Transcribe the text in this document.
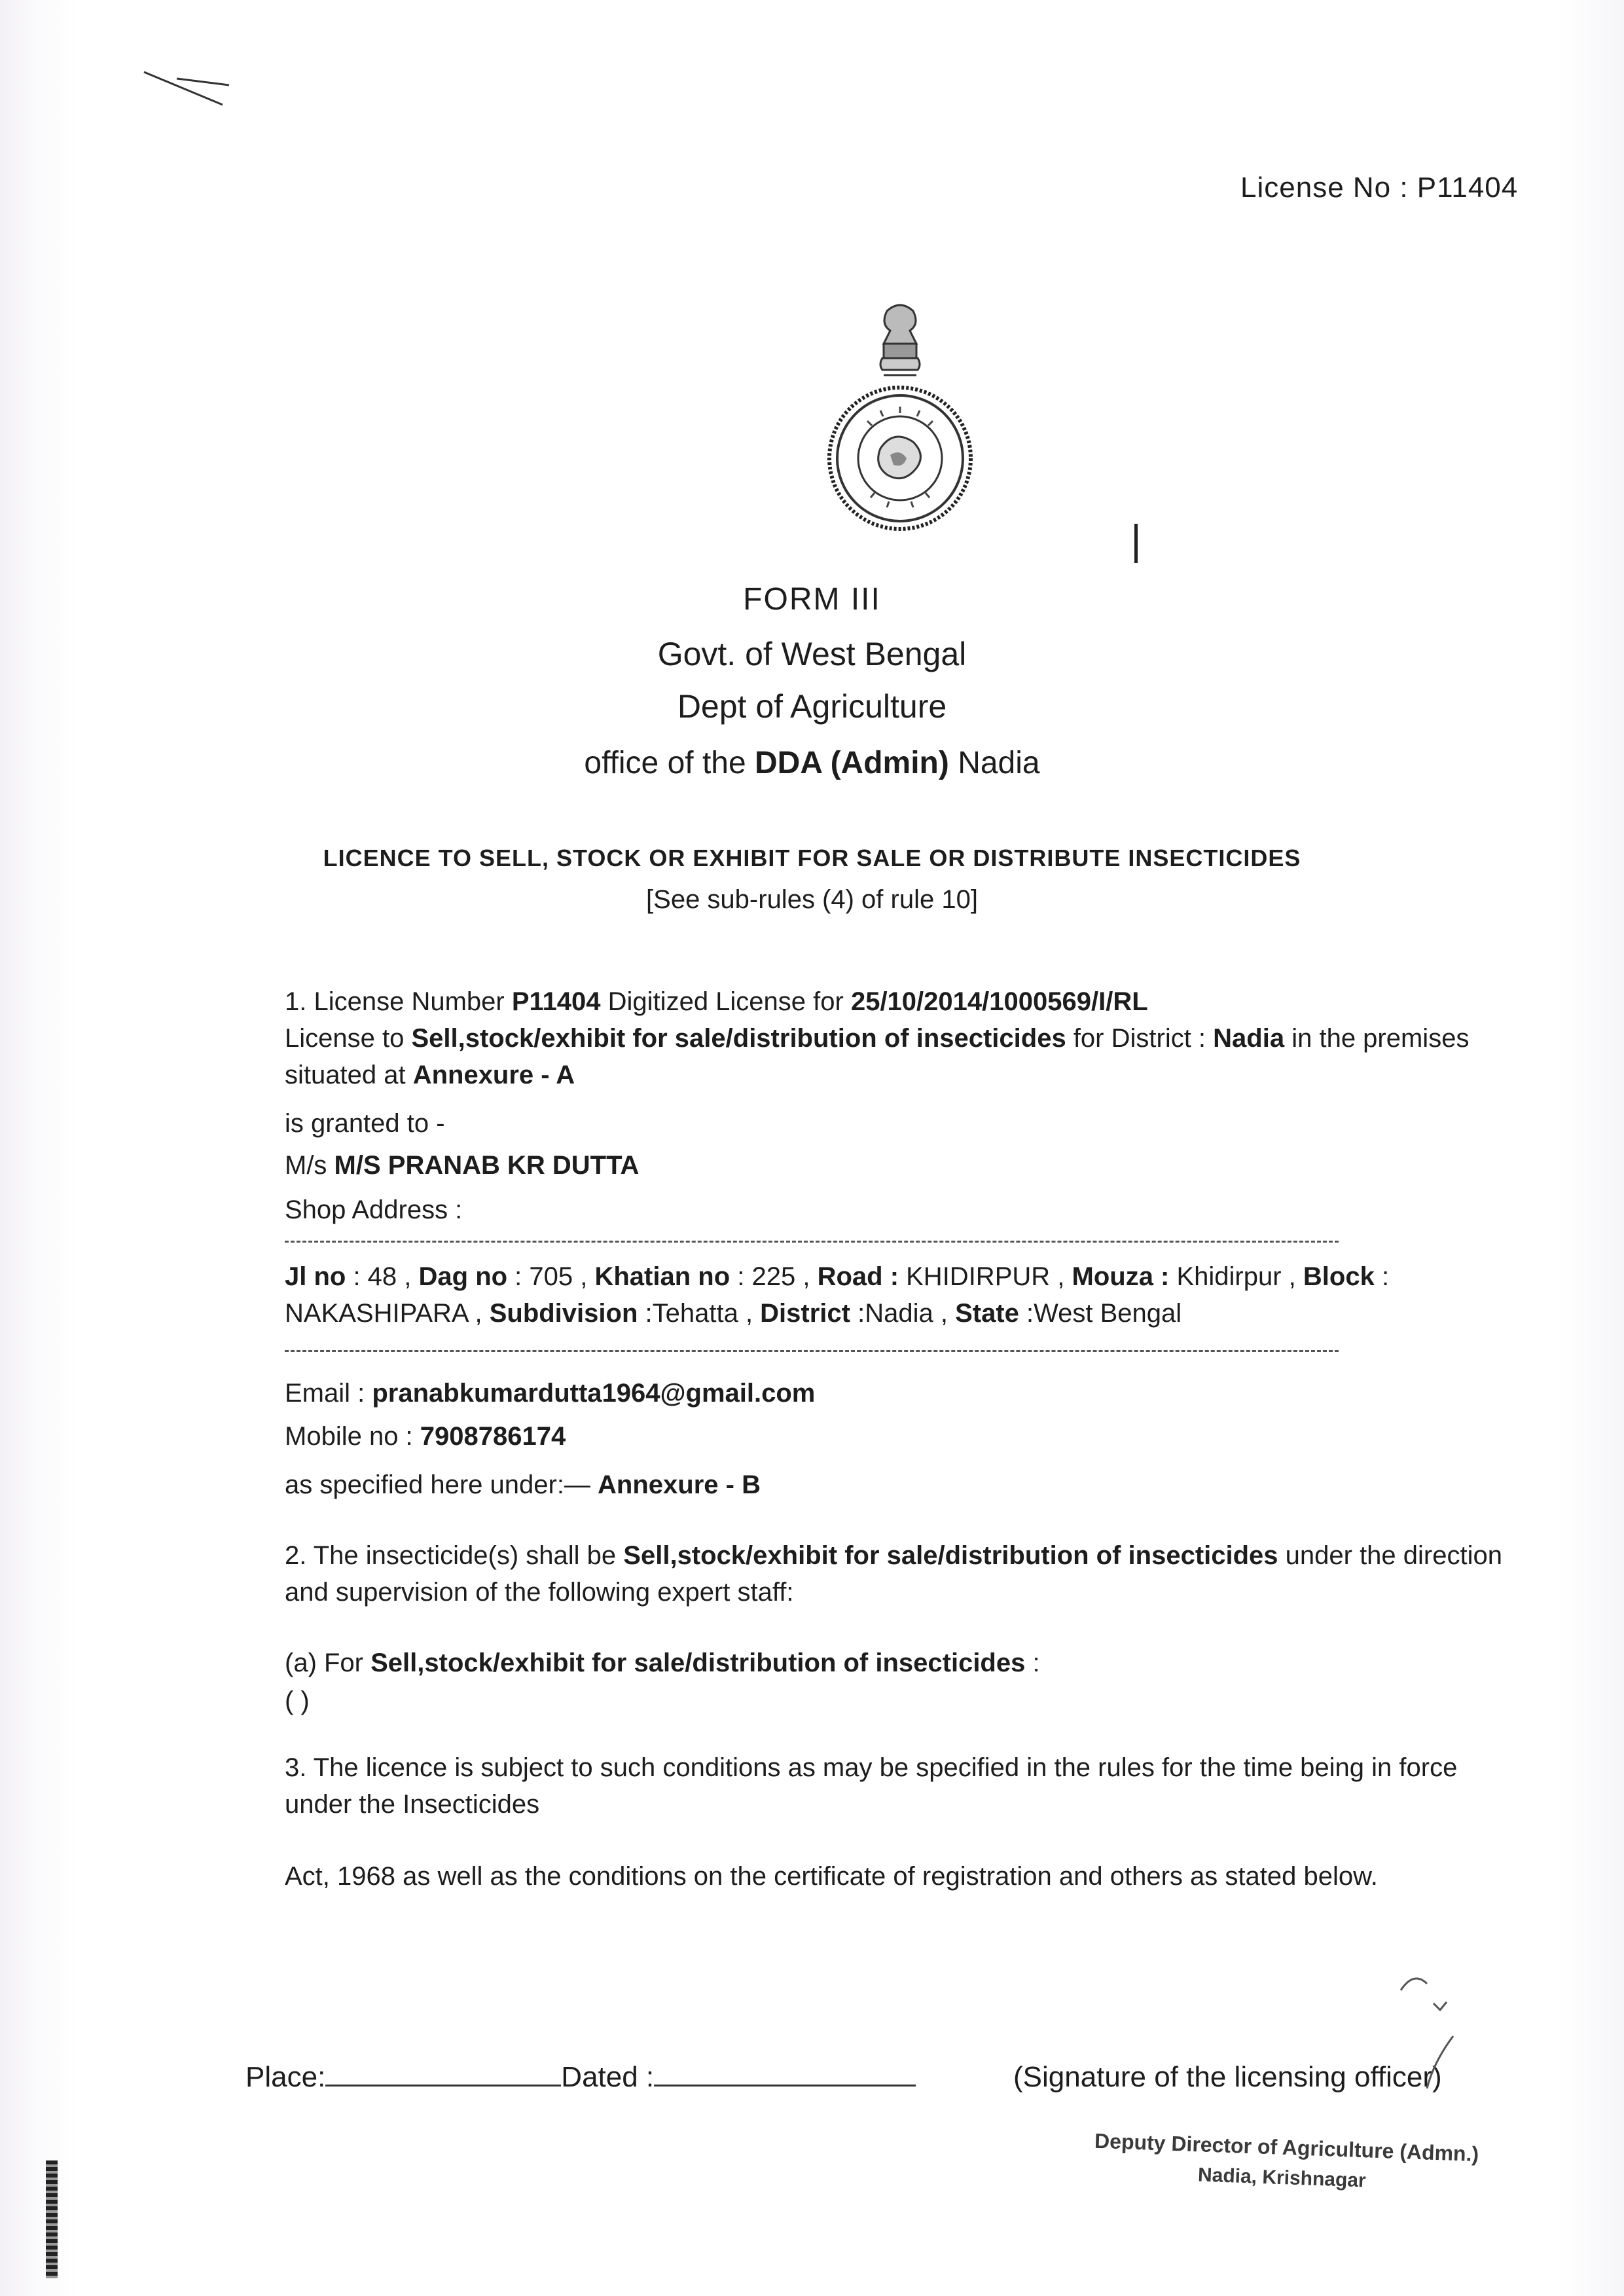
License No : P11404
FORM III
Govt. of West Bengal
Dept of Agriculture
office of the DDA (Admin) Nadia
LICENCE TO SELL, STOCK OR EXHIBIT FOR SALE OR DISTRIBUTE INSECTICIDES
[See sub-rules (4) of rule 10]
1. License Number P11404 Digitized License for 25/10/2014/1000569/I/RL
License to Sell,stock/exhibit for sale/distribution of insecticides for District : Nadia in the premises situated at Annexure - A
is granted to -
M/s M/S PRANAB KR DUTTA
Shop Address :
Jl no : 48 , Dag no : 705 , Khatian no : 225 , Road : KHIDIRPUR , Mouza : Khidirpur , Block : NAKASHIPARA , Subdivision :Tehatta , District :Nadia , State :West Bengal
Email : pranabkumardutta1964@gmail.com
Mobile no : 7908786174
as specified here under:— Annexure - B
2. The insecticide(s) shall be Sell,stock/exhibit for sale/distribution of insecticides under the direction and supervision of the following expert staff:
(a) For Sell,stock/exhibit for sale/distribution of insecticides :
( )
3. The licence is subject to such conditions as may be specified in the rules for the time being in force under the Insecticides
Act, 1968 as well as the conditions on the certificate of registration and others as stated below.
Place:	Dated :	(Signature of the licensing officer)
Deputy Director of Agriculture (Admn.)
Nadia, Krishnagar
